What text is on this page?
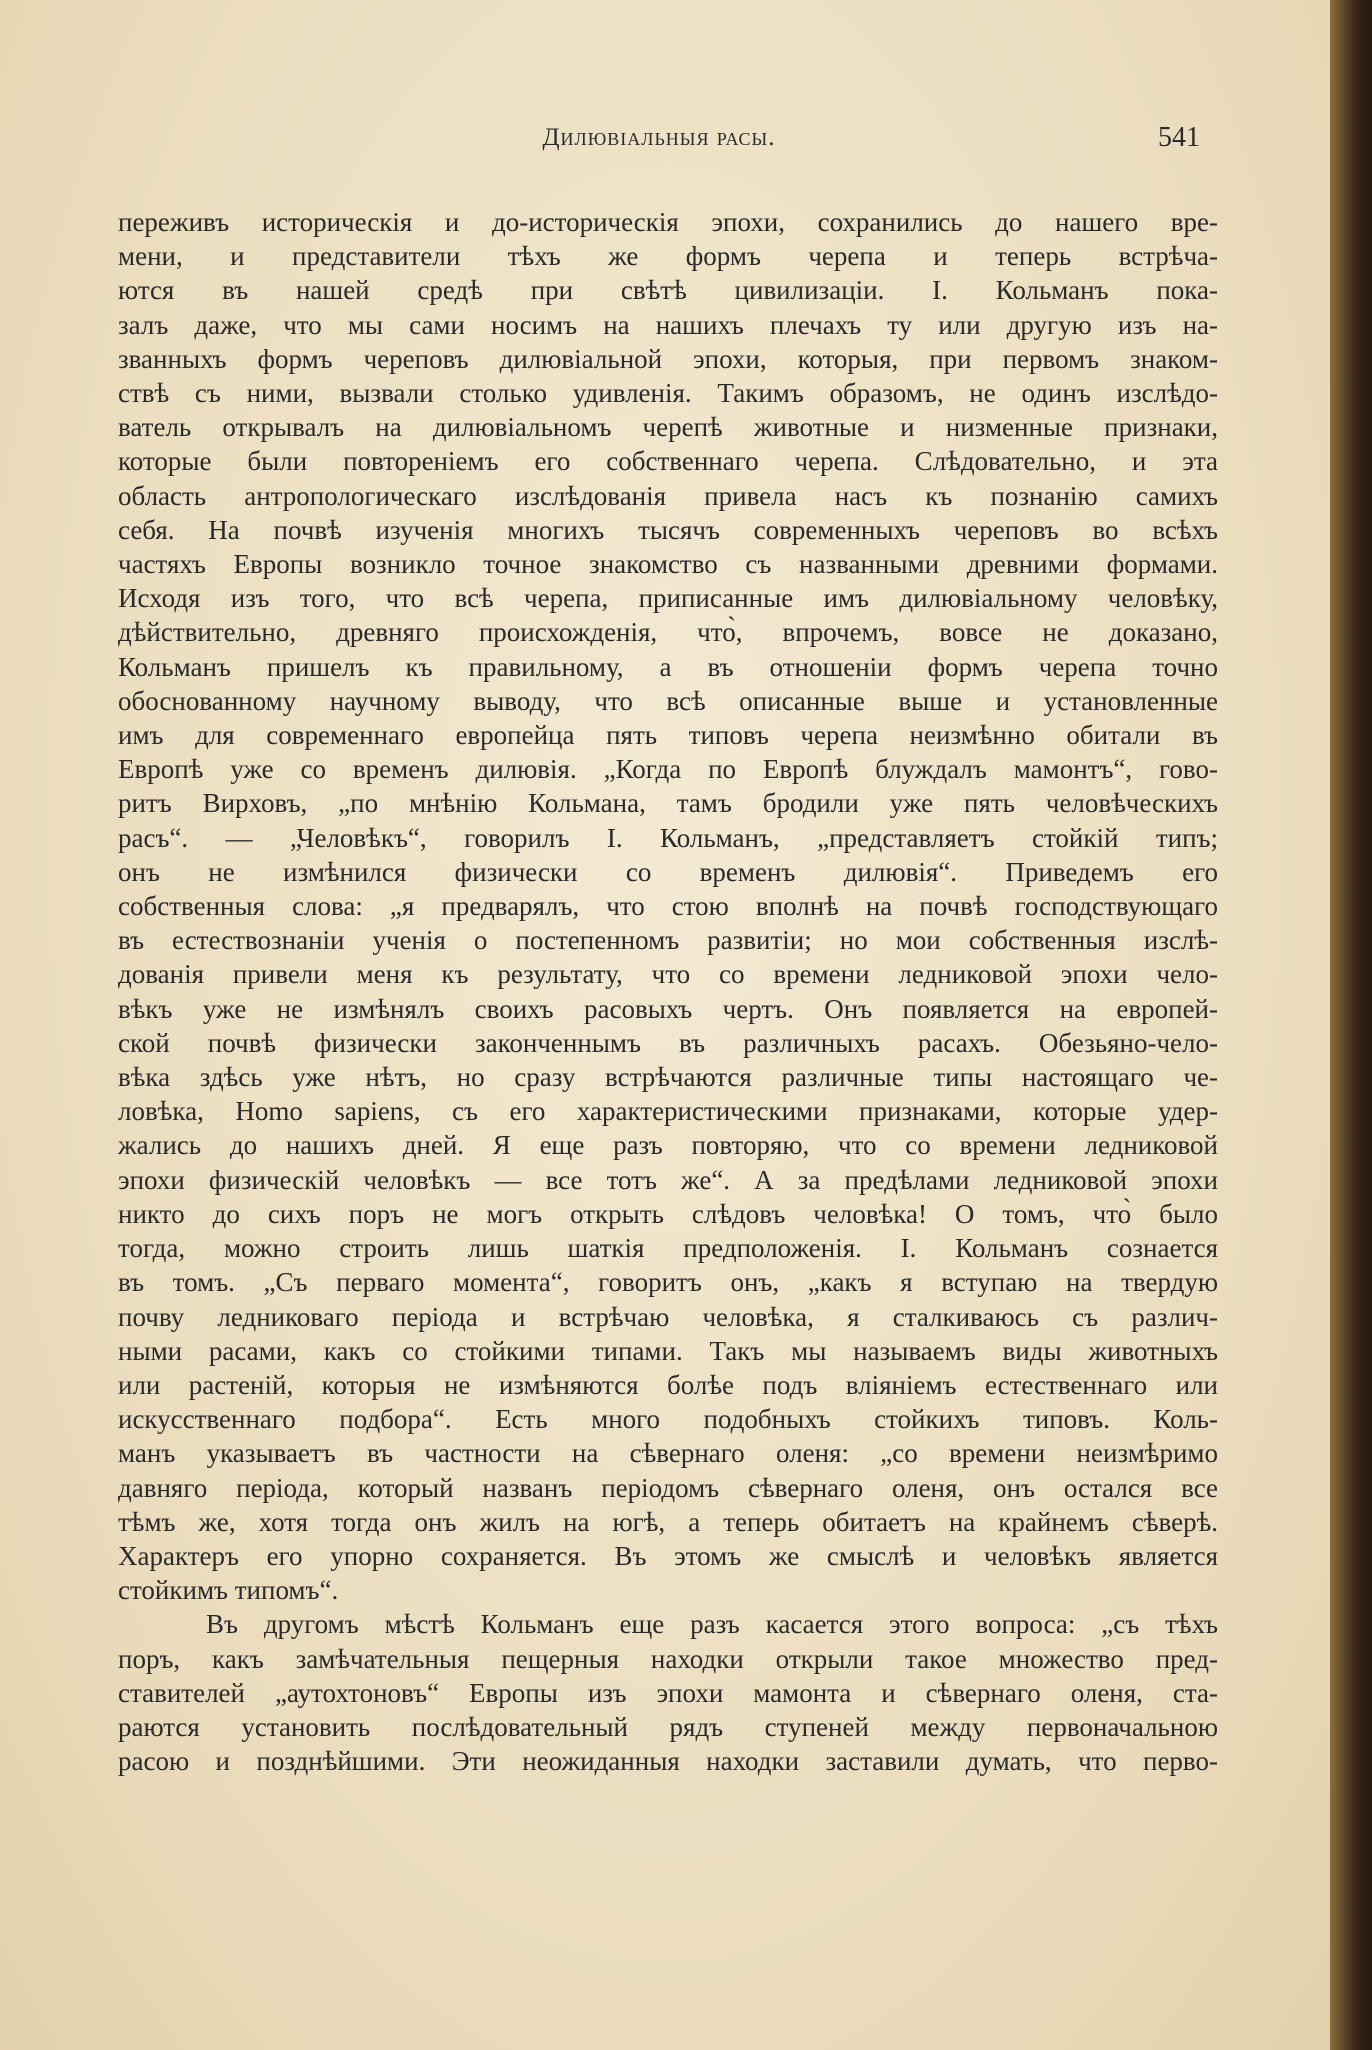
Дилювіальныя расы.	541
переживъ историческія и до-историческія эпохи, сохранились до нашего вре-
мени, и представители тѣхъ же формъ черепа и теперь встрѣча-
ются въ нашей средѣ при свѣтѣ цивилизаціи. I. Кольманъ пока-
залъ даже, что мы сами носимъ на нашихъ плечахъ ту или другую изъ на-
званныхъ формъ череповъ дилювіальной эпохи, которыя, при первомъ знаком-
ствѣ съ ними, вызвали столько удивленія. Такимъ образомъ, не одинъ изслѣдо-
ватель открывалъ на дилювіальномъ черепѣ животные и низменные признаки,
которые были повтореніемъ его собственнаго черепа. Слѣдовательно, и эта
область антропологическаго изслѣдованія привела насъ къ познанію самихъ
себя. На почвѣ изученія многихъ тысячъ современныхъ череповъ во всѣхъ
частяхъ Европы возникло точное знакомство съ названными древними формами.
Исходя изъ того, что всѣ черепа, приписанные имъ дилювіальному человѣку,
дѣйствительно, древняго происхожденія, что̀, впрочемъ, вовсе не доказано,
Кольманъ пришелъ къ правильному, а въ отношеніи формъ черепа точно
обоснованному научному выводу, что всѣ описанные выше и установленные
имъ для современнаго европейца пять типовъ черепа неизмѣнно обитали въ
Европѣ уже со временъ дилювія. „Когда по Европѣ блуждалъ мамонтъ“, гово-
ритъ Вирховъ, „по мнѣнію Кольмана, тамъ бродили уже пять человѣческихъ
расъ“. — „Человѣкъ“, говорилъ I. Кольманъ, „представляетъ стойкій типъ;
онъ не измѣнился физически со временъ дилювія“. Приведемъ его
собственныя слова: „я предварялъ, что стою вполнѣ на почвѣ господствующаго
въ естествознаніи ученія о постепенномъ развитіи; но мои собственныя изслѣ-
дованія привели меня къ результату, что со времени ледниковой эпохи чело-
вѣкъ уже не измѣнялъ своихъ расовыхъ чертъ. Онъ появляется на европей-
ской почвѣ физически законченнымъ въ различныхъ расахъ. Обезьяно-чело-
вѣка здѣсь уже нѣтъ, но сразу встрѣчаются различные типы настоящаго че-
ловѣка, Homo sapiens, съ его характеристическими признаками, которые удер-
жались до нашихъ дней. Я еще разъ повторяю, что со времени ледниковой
эпохи физическій человѣкъ — все тотъ же“. А за предѣлами ледниковой эпохи
никто до сихъ поръ не могъ открыть слѣдовъ человѣка! О томъ, что̀ было
тогда, можно строить лишь шаткія предположенія. I. Кольманъ сознается
въ томъ. „Съ перваго момента“, говоритъ онъ, „какъ я вступаю на твердую
почву ледниковаго періода и встрѣчаю человѣка, я сталкиваюсь съ различ-
ными расами, какъ со стойкими типами. Такъ мы называемъ виды животныхъ
или растеній, которыя не измѣняются болѣе подъ вліяніемъ естественнаго или
искусственнаго подбора“. Есть много подобныхъ стойкихъ типовъ. Коль-
манъ указываетъ въ частности на сѣвернаго оленя: „со времени неизмѣримо
давняго періода, который названъ періодомъ сѣвернаго оленя, онъ остался все
тѣмъ же, хотя тогда онъ жилъ на югѣ, а теперь обитаетъ на крайнемъ сѣверѣ.
Характеръ его упорно сохраняется. Въ этомъ же смыслѣ и человѣкъ является
стойкимъ типомъ“.
Въ другомъ мѣстѣ Кольманъ еще разъ касается этого вопроса: „съ тѣхъ
поръ, какъ замѣчательныя пещерныя находки открыли такое множество пред-
ставителей „аутохтоновъ“ Европы изъ эпохи мамонта и сѣвернаго оленя, ста-
раются установить послѣдовательный рядъ ступеней между первоначальною
расою и позднѣйшими. Эти неожиданныя находки заставили думать, что перво-
